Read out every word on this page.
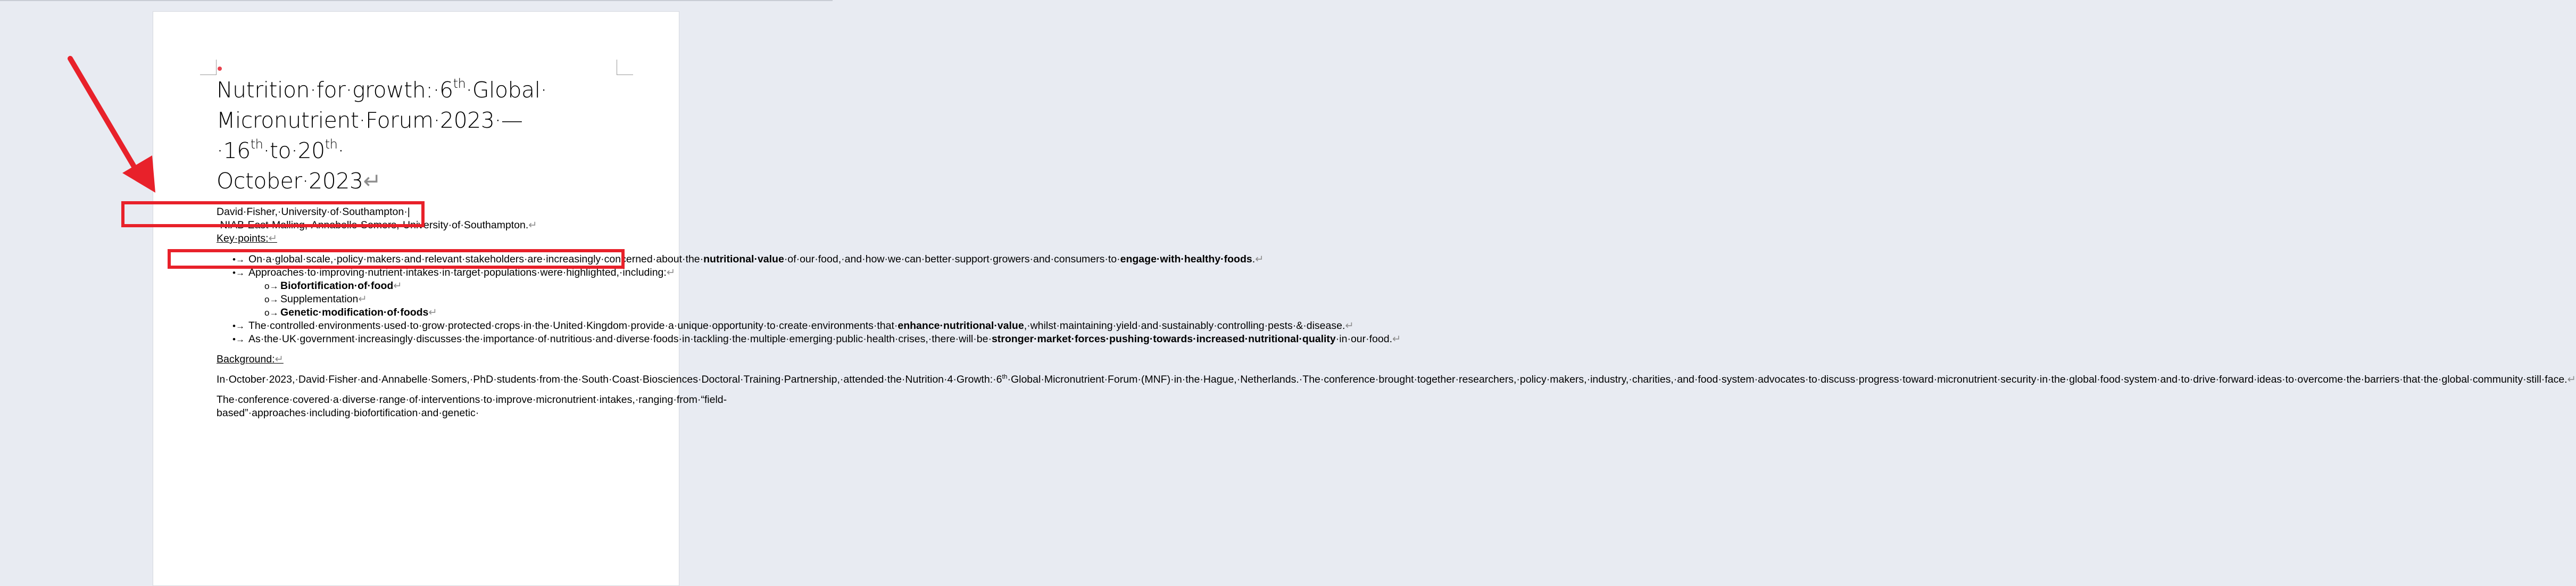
Nutrition·for·growth:·6th·Global·
Micronutrient·Forum·2023·—·16th·to·20th·
October·2023↵

David·Fisher,·University·of·Southampton·|·NIAB·East·Malling,·Annabelle·Somers,·University·of·Southampton.↵

Key·points:↵

•→ On·a·global·scale,·policy·makers·and·relevant·stakeholders·are·increasingly·concerned·about·the·nutritional·value·of·our·food,·and·how·we·can·better·support·growers·and·consumers·to·engage·with·healthy·foods.↵
•→ Approaches·to·improving·nutrient·intakes·in·target·populations·were·highlighted,·including:↵
o→ Biofortification·of·food↵
o→ Supplementation↵
o→ Genetic·modification·of·foods↵
•→ The·controlled·environments·used·to·grow·protected·crops·in·the·United·Kingdom·provide·a·unique·opportunity·to·create·environments·that·enhance·nutritional·value,·whilst·maintaining·yield·and·sustainably·controlling·pests·&·disease.↵
•→ As·the·UK·government·increasingly·discusses·the·importance·of·nutritious·and·diverse·foods·in·tackling·the·multiple·emerging·public·health·crises,·there·will·be·stronger·market·forces·pushing·towards·increased·nutritional·quality·in·our·food.↵

Background:↵

In·October·2023,·David·Fisher·and·Annabelle·Somers,·PhD·students·from·the·South·Coast·Biosciences·Doctoral·Training·Partnership,·attended·the·Nutrition·4·Growth:·6th·Global·Micronutrient·Forum·(MNF)·in·the·Hague,·Netherlands.·The·conference·brought·together·researchers,·policy·makers,·industry,·charities,·and·food·system·advocates·to·discuss·progress·toward·micronutrient·security·in·the·global·food·system·and·to·drive·forward·ideas·to·overcome·the·barriers·that·the·global·community·still·face.↵

The·conference·covered·a·diverse·range·of·interventions·to·improve·micronutrient·intakes,·ranging·from·“field-based”·approaches·including·biofortification·and·genetic·
